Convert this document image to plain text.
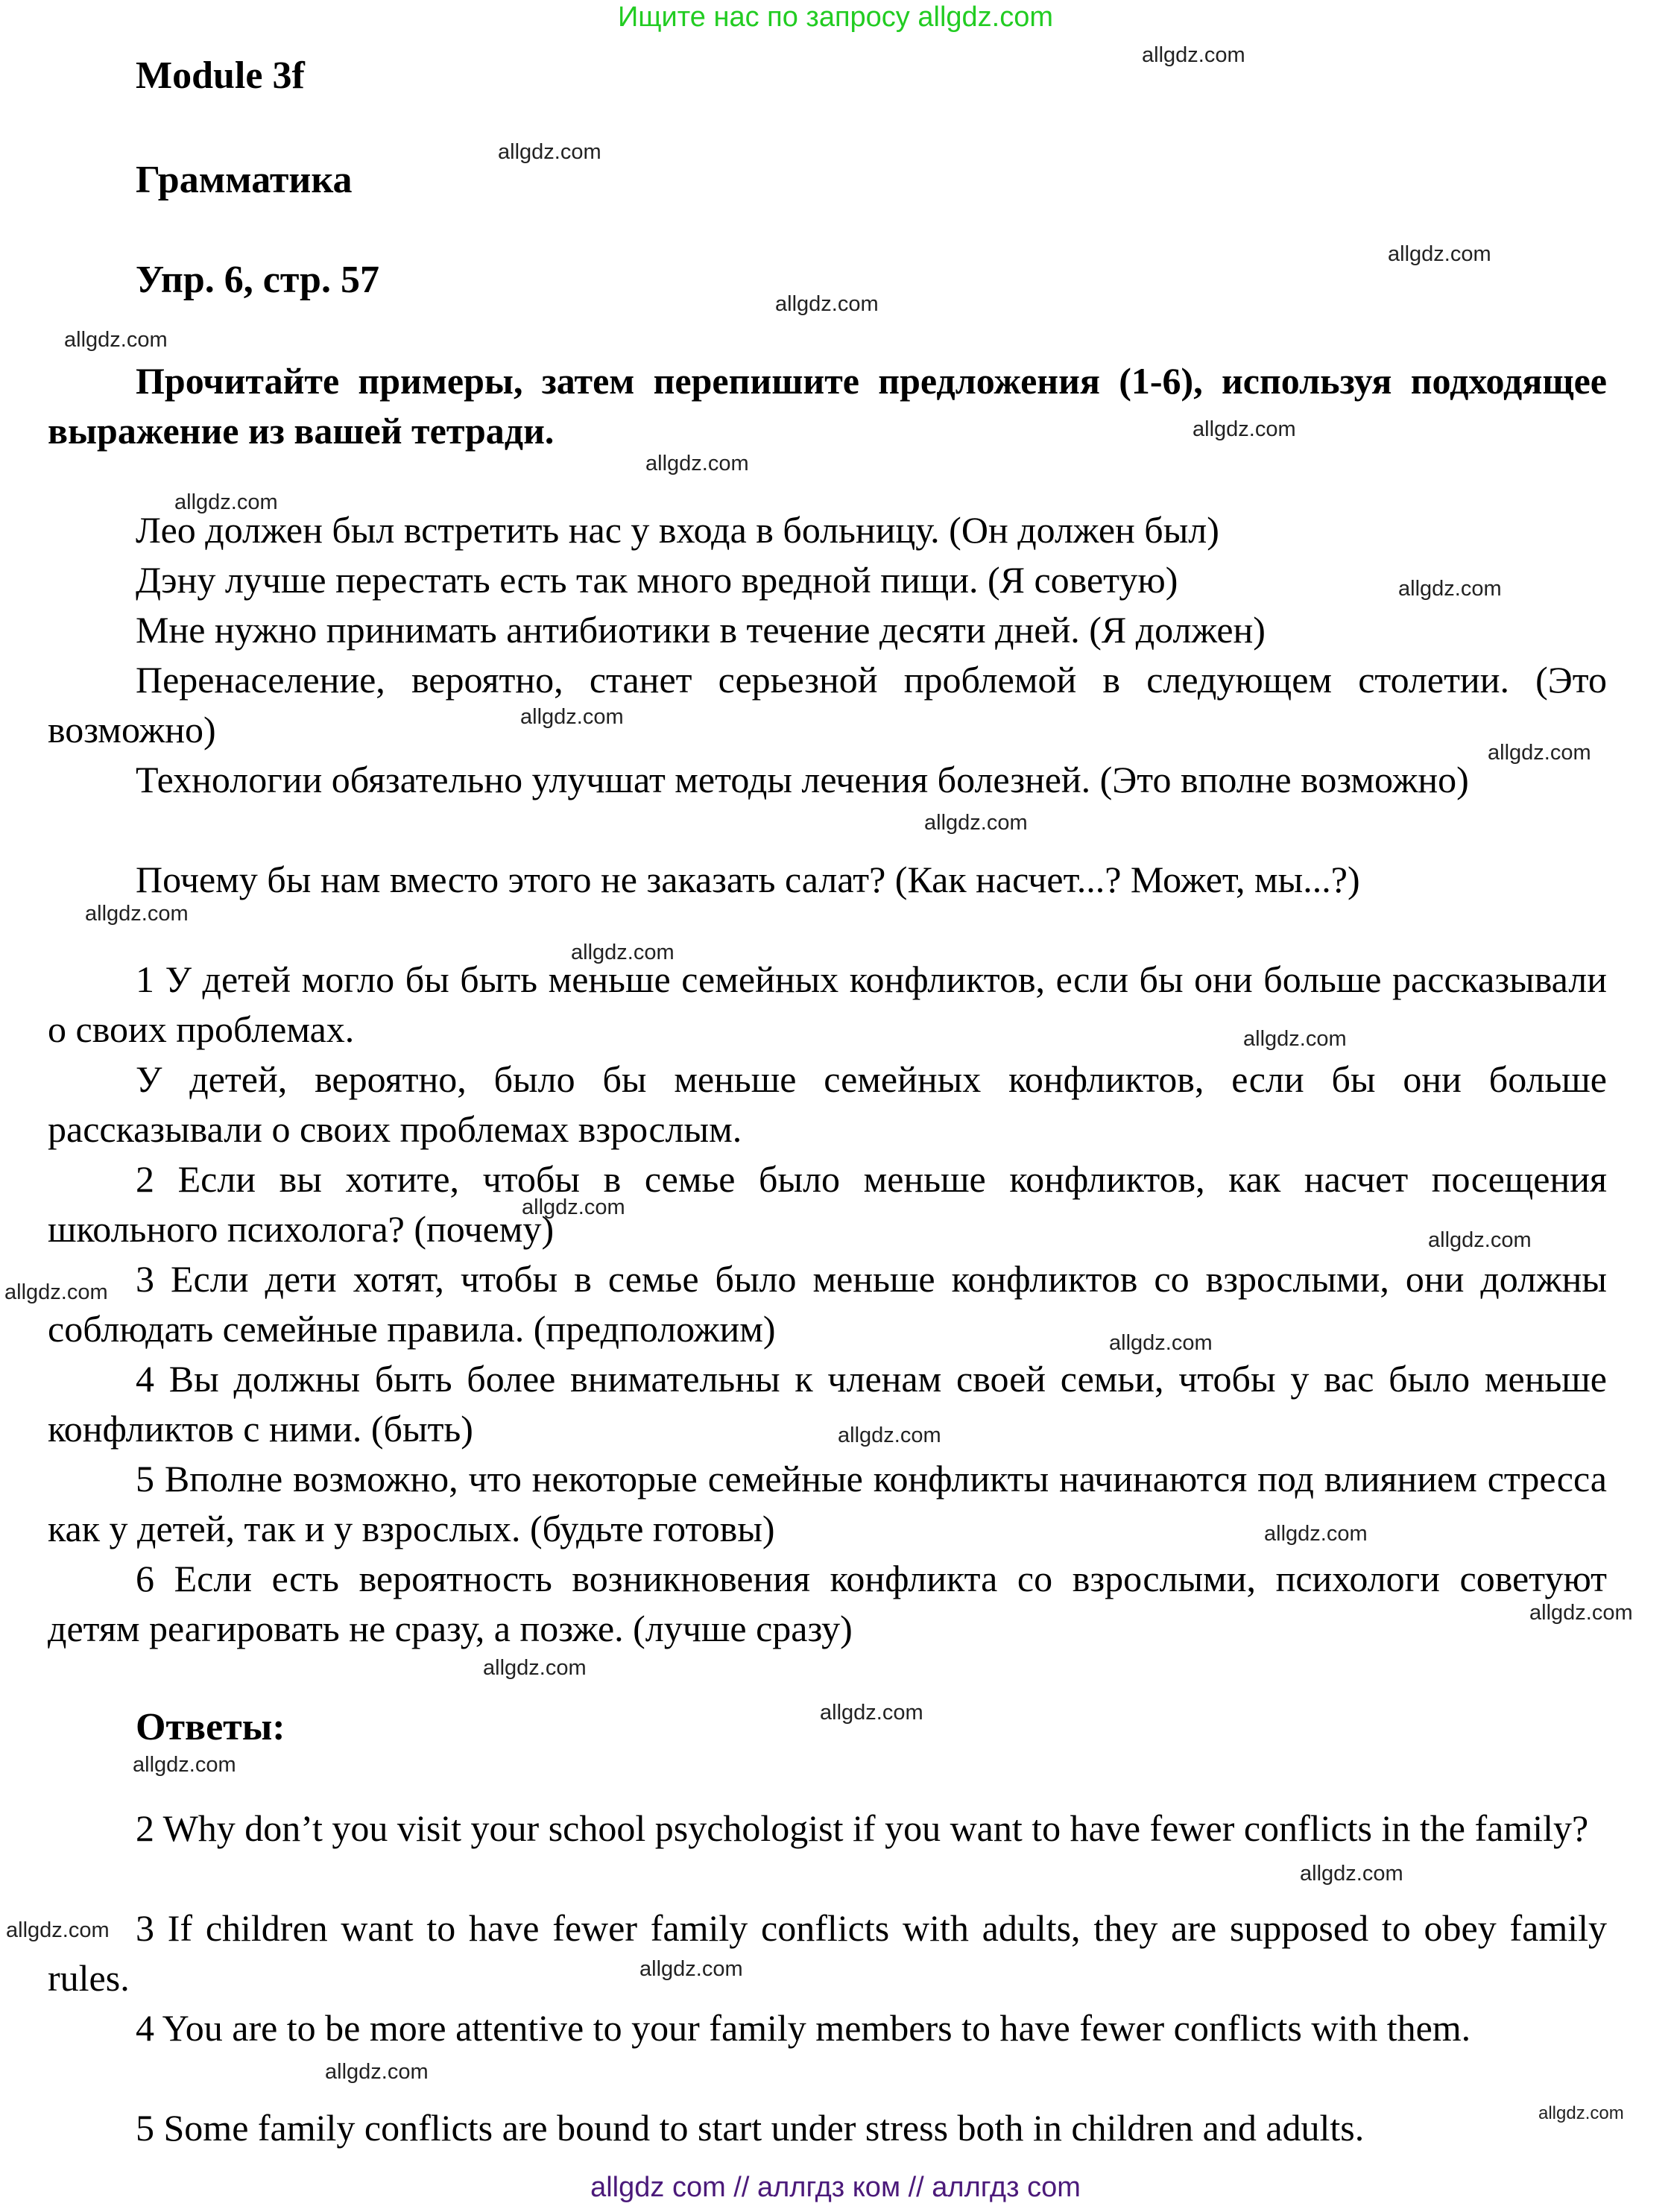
Ищите нас по запросу allgdz.com
Module 3f
Грамматика
Упр. 6, стр. 57
Прочитайте примеры, затем перепишите предложения (1-6), используя подходящее выражение из вашей тетради.
Лео должен был встретить нас у входа в больницу. (Он должен был)
Дэну лучше перестать есть так много вредной пищи. (Я советую)
Мне нужно принимать антибиотики в течение десяти дней. (Я должен)
Перенаселение, вероятно, станет серьезной проблемой в следующем столетии. (Это возможно)
Технологии обязательно улучшат методы лечения болезней. (Это вполне возможно)
Почему бы нам вместо этого не заказать салат? (Как насчет...? Может, мы...?)
1 У детей могло бы быть меньше семейных конфликтов, если бы они больше рассказывали о своих проблемах.
У детей, вероятно, было бы меньше семейных конфликтов, если бы они больше рассказывали о своих проблемах взрослым.
2 Если вы хотите, чтобы в семье было меньше конфликтов, как насчет посещения школьного психолога? (почему)
3 Если дети хотят, чтобы в семье было меньше конфликтов со взрослыми, они должны соблюдать семейные правила. (предположим)
4 Вы должны быть более внимательны к членам своей семьи, чтобы у вас было меньше конфликтов с ними. (быть)
5 Вполне возможно, что некоторые семейные конфликты начинаются под влиянием стресса как у детей, так и у взрослых. (будьте готовы)
6 Если есть вероятность возникновения конфликта со взрослыми, психологи советуют детям реагировать не сразу, а позже. (лучше сразу)
Ответы:
2 Why don’t you visit your school psychologist if you want to have fewer conflicts in the family?
3 If children want to have fewer family conflicts with adults, they are supposed to obey family rules.
4 You are to be more attentive to your family members to have fewer conflicts with them.
5 Some family conflicts are bound to start under stress both in children and adults.
allgdz.com
allgdz.com
allgdz.com
allgdz.com
allgdz.com
allgdz.com
allgdz.com
allgdz.com
allgdz.com
allgdz.com
allgdz.com
allgdz.com
allgdz.com
allgdz.com
allgdz.com
allgdz.com
allgdz.com
allgdz.com
allgdz.com
allgdz.com
allgdz.com
allgdz.com
allgdz.com
allgdz.com
allgdz.com
allgdz.com
allgdz.com
allgdz.com
allgdz.com
allgdz.com
allgdz com // аллгдз ком // аллгдз com
